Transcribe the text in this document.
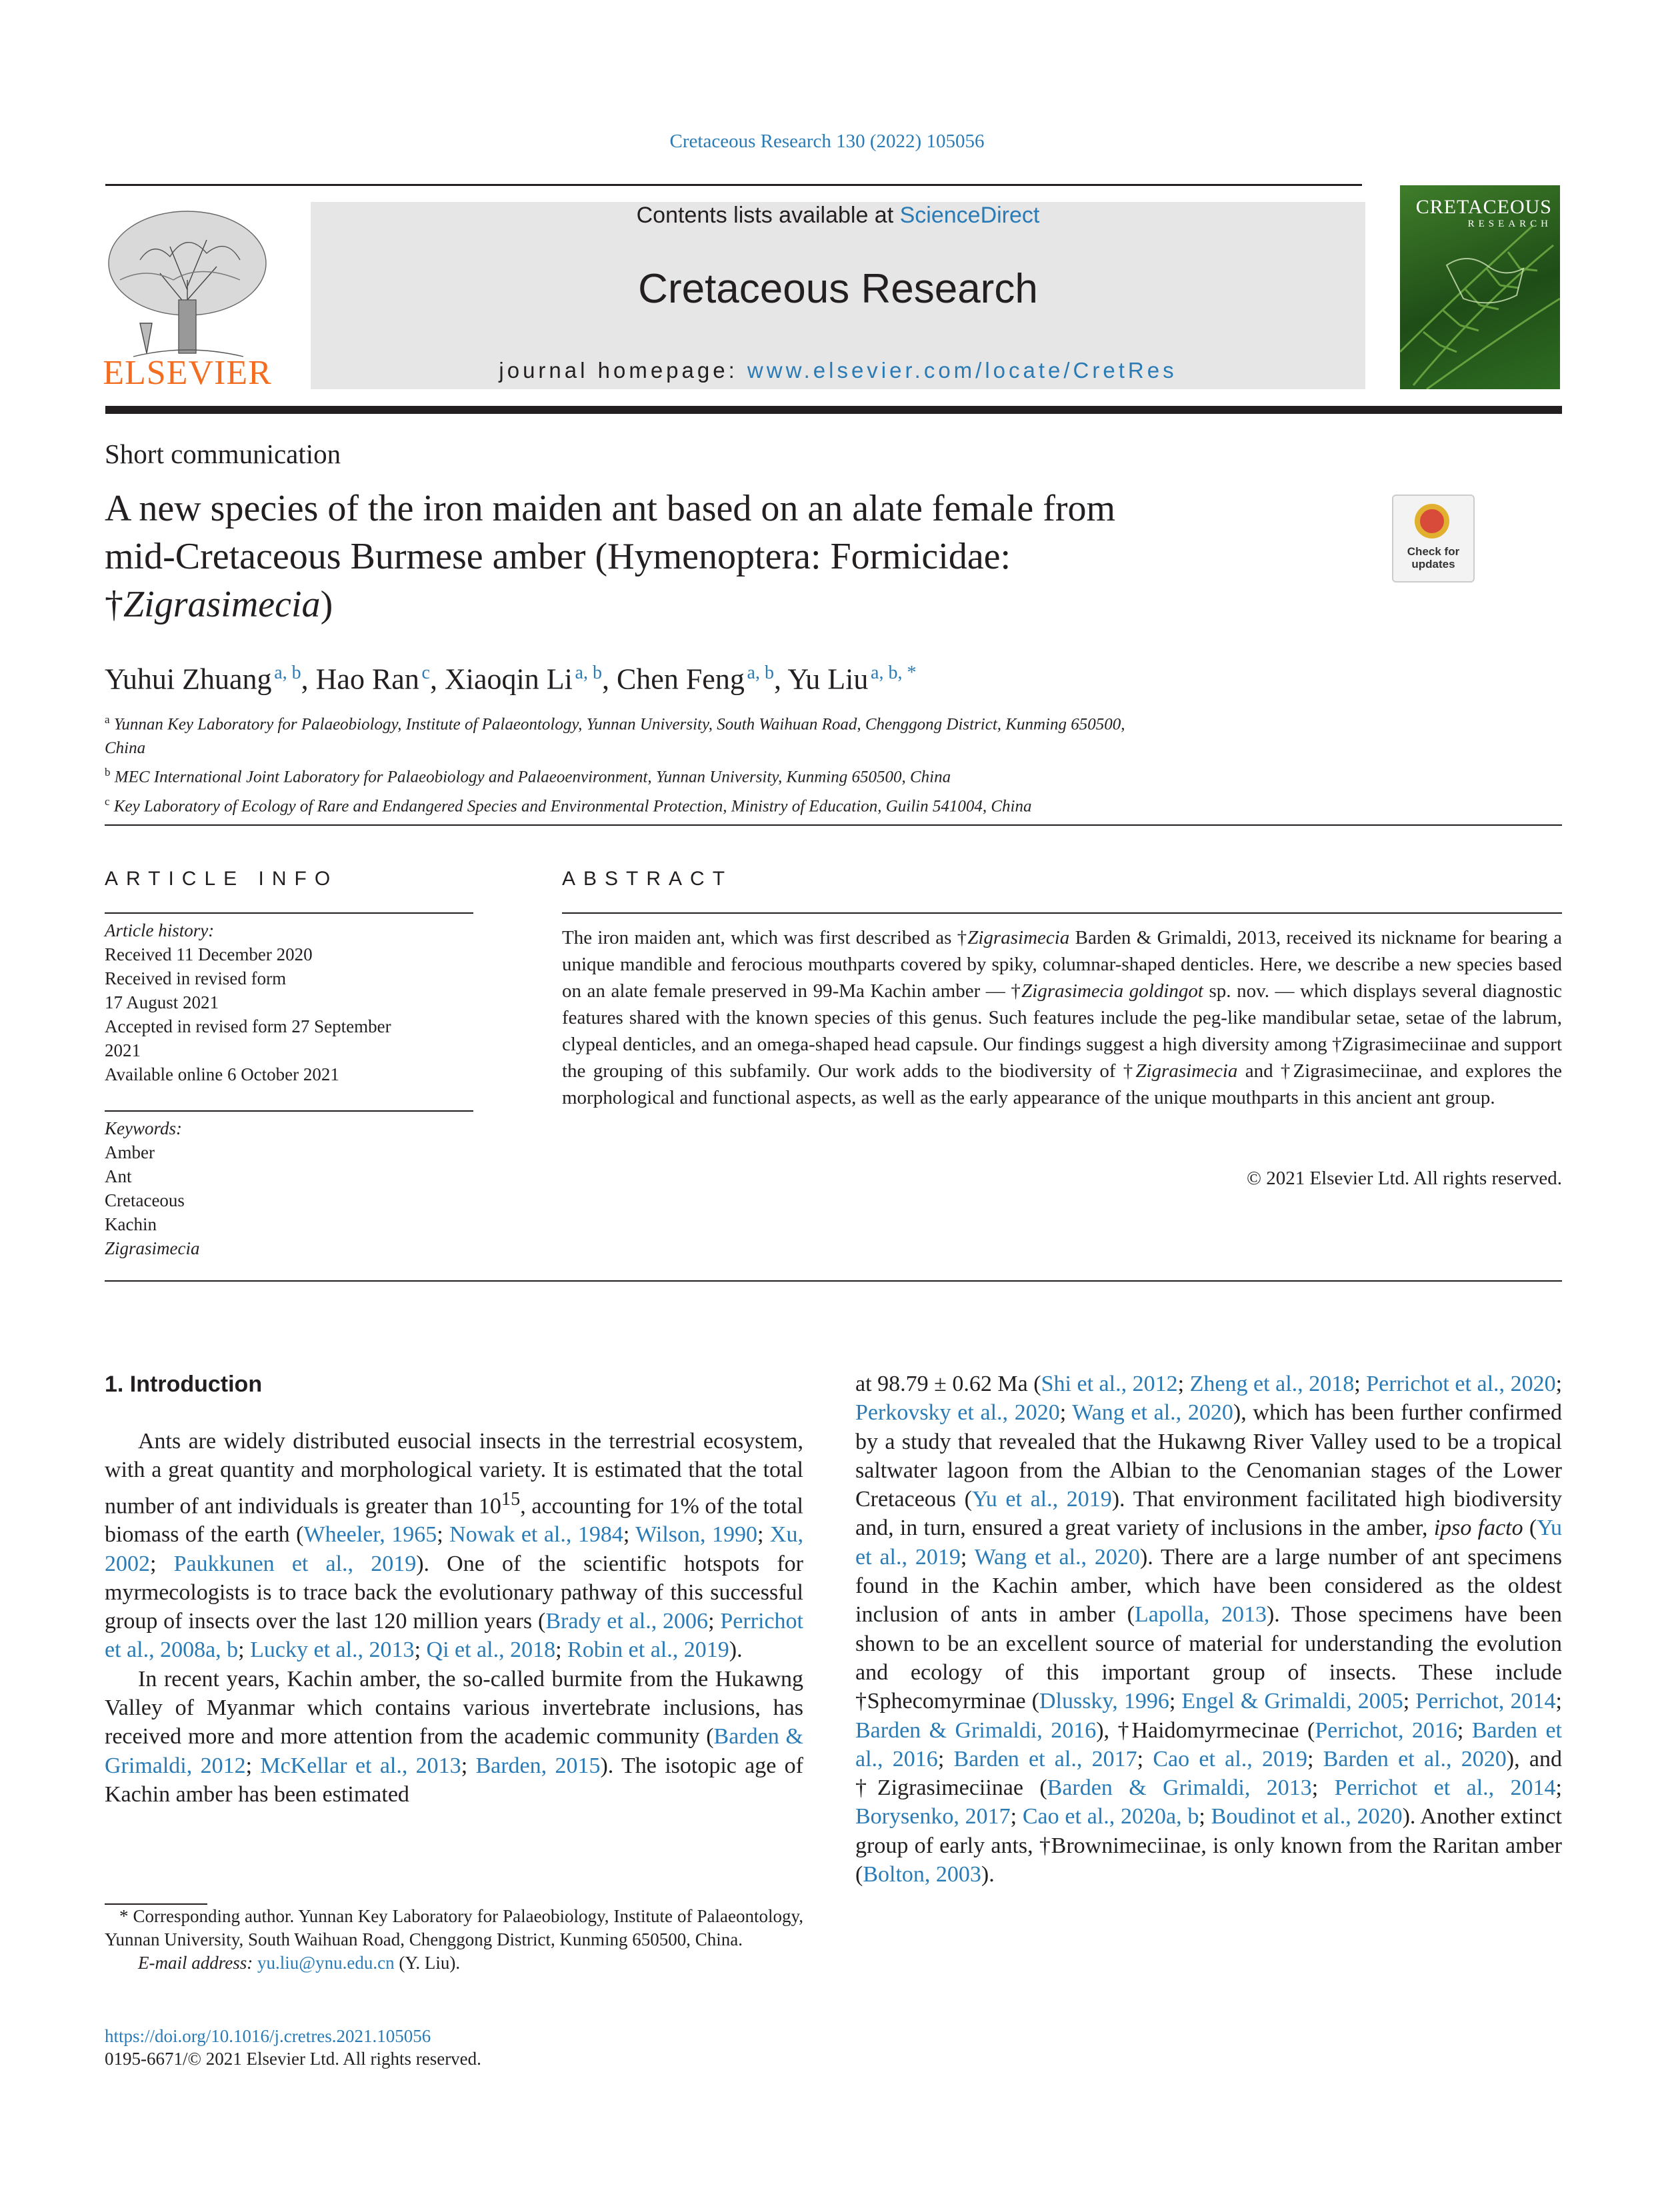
Cretaceous Research 130 (2022) 105056
ELSEVIER
Contents lists available at ScienceDirect
Cretaceous Research
journal homepage: www.elsevier.com/locate/CretRes
CRETACEOUS
RESEARCH
Short communication
A new species of the iron maiden ant based on an alate female from
mid-Cretaceous Burmese amber (Hymenoptera: Formicidae:
†Zigrasimecia)
Check for updates
Yuhui Zhuang  $^{a, b}$, Hao Ran  $^c$, Xiaoqin Li  $^{a, b}$, Chen Feng  $^{a, b}$, Yu Liu  $^{a, b, *}$
$^a$ Yunnan Key Laboratory for Palaeobiology, Institute of Palaeontology, Yunnan University, South Waihuan Road, Chenggong District, Kunming 650500,
China
$^b$ MEC International Joint Laboratory for Palaeobiology and Palaeoenvironment, Yunnan University, Kunming 650500, China
$^c$ Key Laboratory of Ecology of Rare and Endangered Species and Environmental Protection, Ministry of Education, Guilin 541004, China
ARTICLE INFO
Article history:
Received 11 December 2020
Received in revised form
17 August 2021
Accepted in revised form 27 September
2021
Available online 6 October 2021
Keywords:
Amber
Ant
Cretaceous
Kachin
Zigrasimecia
ABSTRACT
The iron maiden ant, which was first described as †Zigrasimecia Barden & Grimaldi, 2013, received its nickname for bearing a unique mandible and ferocious mouthparts covered by spiky, columnar-shaped denticles. Here, we describe a new species based on an alate female preserved in 99-Ma Kachin amber — †Zigrasimecia goldingot sp. nov. — which displays several diagnostic features shared with the known species of this genus. Such features include the peg-like mandibular setae, setae of the labrum, clypeal denticles, and an omega-shaped head capsule. Our findings suggest a high diversity among †Zigrasimeciinae and support the grouping of this subfamily. Our work adds to the biodiversity of †Zigrasimecia and †Zigrasimeciinae, and explores the morphological and functional aspects, as well as the early appearance of the unique mouthparts in this ancient ant group.
© 2021 Elsevier Ltd. All rights reserved.
1. Introduction

Ants are widely distributed eusocial insects in the terrestrial ecosystem, with a great quantity and morphological variety. It is estimated that the total number of ant individuals is greater than $10^{15}$, accounting for 1% of the total biomass of the earth (Wheeler, 1965; Nowak et al., 1984; Wilson, 1990; Xu, 2002; Paukkunen et al., 2019). One of the scientific hotspots for myrmecologists is to trace back the evolutionary pathway of this successful group of insects over the last 120 million years (Brady et al., 2006; Perrichot et al., 2008a, b; Lucky et al., 2013; Qi et al., 2018; Robin et al., 2019).

In recent years, Kachin amber, the so-called burmite from the Hukawng Valley of Myanmar which contains various invertebrate inclusions, has received more and more attention from the academic community (Barden & Grimaldi, 2012; McKellar et al., 2013; Barden, 2015). The isotopic age of Kachin amber has been estimated

at 98.79 ± 0.62 Ma (Shi et al., 2012; Zheng et al., 2018; Perrichot et al., 2020; Perkovsky et al., 2020; Wang et al., 2020), which has been further confirmed by a study that revealed that the Hukawng River Valley used to be a tropical saltwater lagoon from the Albian to the Cenomanian stages of the Lower Cretaceous (Yu et al., 2019). That environment facilitated high biodiversity and, in turn, ensured a great variety of inclusions in the amber, ipso facto (Yu et al., 2019; Wang et al., 2020). There are a large number of ant specimens found in the Kachin amber, which have been considered as the oldest inclusion of ants in amber (Lapolla, 2013). Those specimens have been shown to be an excellent source of material for understanding the evolution and ecology of this important group of insects. These include †Sphecomyrminae (Dlussky, 1996; Engel & Grimaldi, 2005; Perrichot, 2014; Barden & Grimaldi, 2016), †Haidomyrmecinae (Perrichot, 2016; Barden et al., 2016; Barden et al., 2017; Cao et al., 2019; Barden et al., 2020), and †Zigrasimeciinae (Barden & Grimaldi, 2013; Perrichot et al., 2014; Borysenko, 2017; Cao et al., 2020a, b; Boudinot et al., 2020). Another extinct group of early ants, †Brownimeciinae, is only known from the Raritan amber (Bolton, 2003).

* Corresponding author. Yunnan Key Laboratory for Palaeobiology, Institute of Palaeontology, Yunnan University, South Waihuan Road, Chenggong District, Kunming 650500, China.
E-mail address: yu.liu@ynu.edu.cn (Y. Liu).
https://doi.org/10.1016/j.cretres.2021.105056
0195-6671/© 2021 Elsevier Ltd. All rights reserved.
